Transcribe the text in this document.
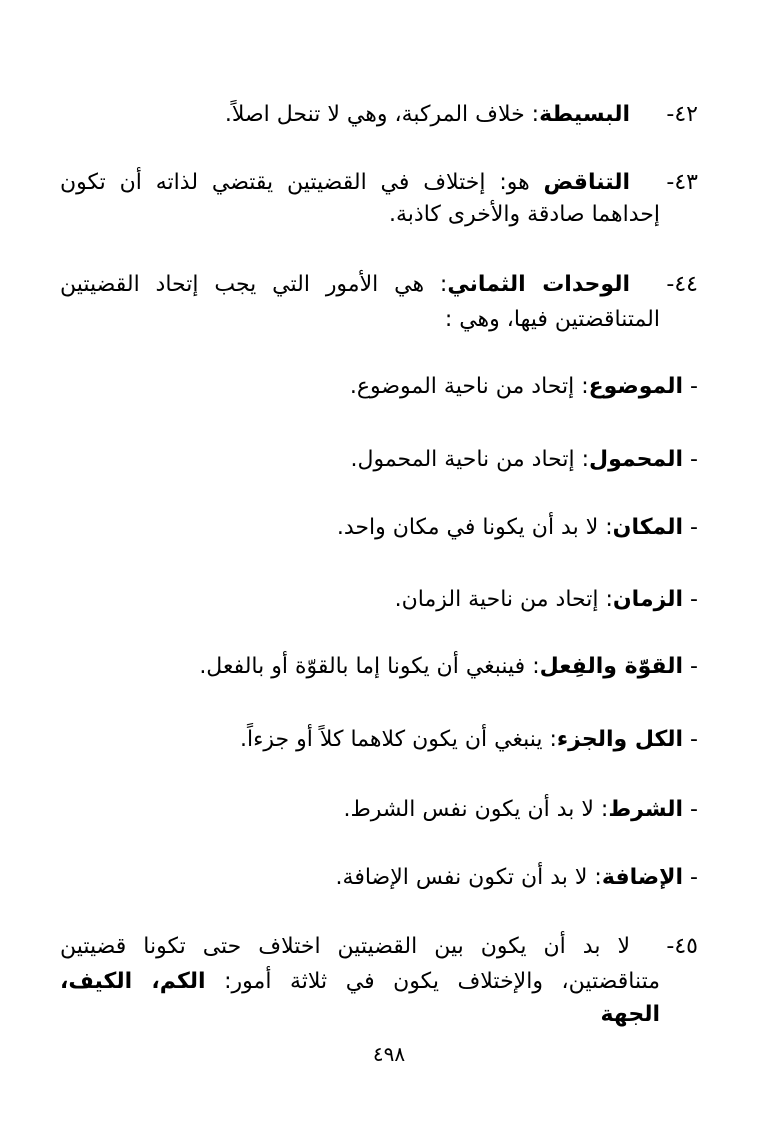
٤٢-البسيطة: خلاف المركبة، وهي لا تنحل اصلاً.
٤٣-التناقض هو: إختلاف في القضيتين يقتضي لذاته أن تكون
إحداهما صادقة والأخرى كاذبة.
٤٤-الوحدات الثماني: هي الأمور التي يجب إتحاد القضيتين
المتناقضتين فيها، وهي :
- الموضوع: إتحاد من ناحية الموضوع.
- المحمول: إتحاد من ناحية المحمول.
- المكان: لا بد أن يكونا في مكان واحد.
- الزمان: إتحاد من ناحية الزمان.
- القوّة والفِعل: فينبغي أن يكونا إما بالقوّة أو بالفعل.
- الكل والجزء: ينبغي أن يكون كلاهما كلاً أو جزءاً.
- الشرط: لا بد أن يكون نفس الشرط.
- الإضافة: لا بد أن تكون نفس الإضافة.
٤٥-لا بد أن يكون بين القضيتين اختلاف حتى تكونا قضيتين
متناقضتين، والإختلاف يكون في ثلاثة أمور: الكم، الكيف،
الجهة
٤٩٨
